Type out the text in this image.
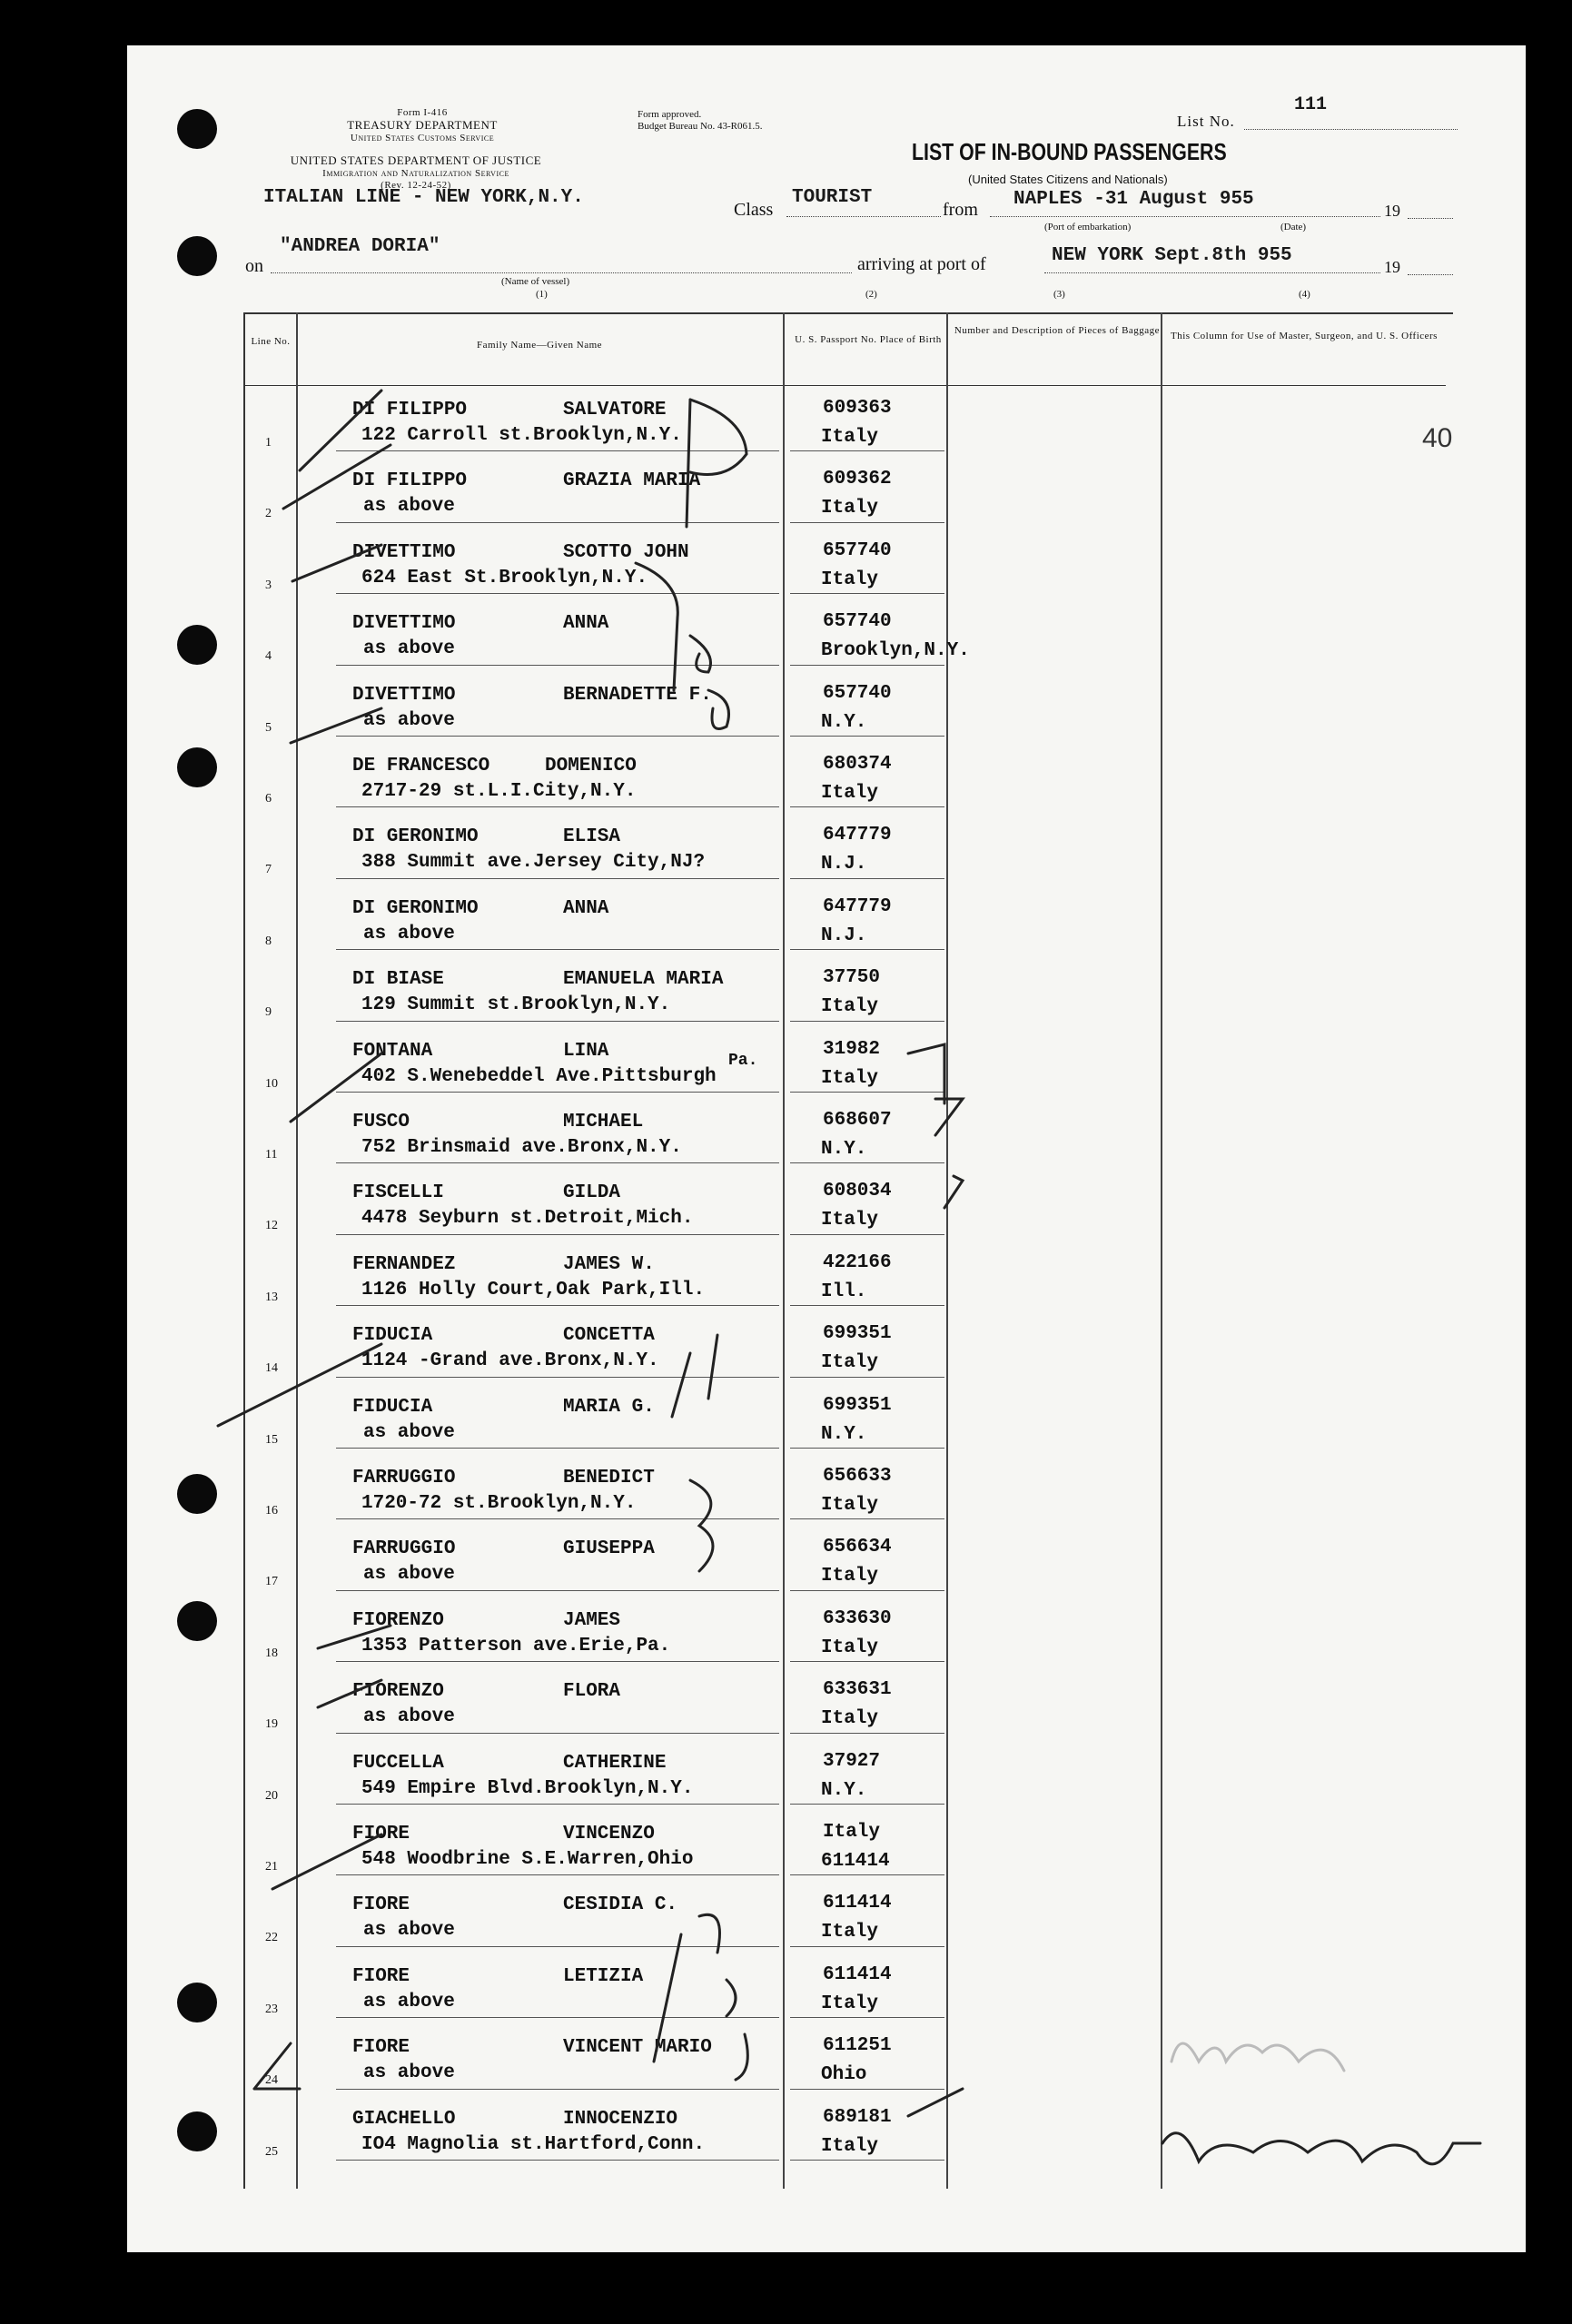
Form I-416
TREASURY DEPARTMENT
United States Customs Service
UNITED STATES DEPARTMENT OF JUSTICE
Immigration and Naturalization Service
(Rev. 12-24-52)
ITALIAN LINE - NEW YORK,N.Y.
Form approved.
Budget Bureau No. 43-R061.5.	List No.
111
LIST OF IN-BOUND PASSENGERS
(United States Citizens and Nationals)
Class
TOURIST
from NAPLES -31 August 955
19
(Port of embarkation)	(Date)
on
"ANDREA DORIA"
(Name of vessel)
(1)
arriving at port of	NEW YORK Sept.8th 955
19
(2)	(3)	(4)
Line No.	Family Name—Given Name	U. S. Passport No. Place of Birth
Number and Description of Pieces of Baggage This Column for Use of Master, Surgeon, and U. S. Officers
1
DI FILIPPO	SALVATORE
122 Carroll st.Brooklyn,N.Y.
609363
Italy
2
DI FILIPPO	GRAZIA MARIA
as above
609362
Italy
3
DIVETTIMO	SCOTTO JOHN
624 East St.Brooklyn,N.Y.
657740
Italy
4
DIVETTIMO	ANNA
as above
657740
Brooklyn,N.Y.
5
DIVETTIMO	BERNADETTE F.
as above
657740
N.Y.
6
DE FRANCESCO	DOMENICO
2717-29 st.L.I.City,N.Y.
680374
Italy
7
DI GERONIMO	ELISA
388 Summit ave.Jersey City,NJ?
647779
N.J.
8
DI GERONIMO	ANNA
as above
647779
N.J.
9
DI BIASE	EMANUELA MARIA
129 Summit st.Brooklyn,N.Y.
37750
Italy
10
FONTANA	LINA
402 S.Wenebeddel Ave.Pittsburgh
Pa.
31982
Italy
11
FUSCO	MICHAEL
752 Brinsmaid ave.Bronx,N.Y.
668607
N.Y.
12
FISCELLI	GILDA
4478 Seyburn st.Detroit,Mich.
608034
Italy
13
FERNANDEZ	JAMES W.
1126 Holly Court,Oak Park,Ill.
422166
Ill.
14
FIDUCIA	CONCETTA
1124 -Grand ave.Bronx,N.Y.
699351
Italy
15
FIDUCIA	MARIA G.
as above
699351
N.Y.
16
FARRUGGIO	BENEDICT
1720-72 st.Brooklyn,N.Y.
656633
Italy
17
FARRUGGIO	GIUSEPPA
as above
656634
Italy
18
FIORENZO	JAMES
1353 Patterson ave.Erie,Pa.
633630
Italy
19
FIORENZO	FLORA
as above
633631
Italy
20
FUCCELLA	CATHERINE
549 Empire Blvd.Brooklyn,N.Y.
37927
N.Y.
21
FIORE	VINCENZO
548 Woodbrine S.E.Warren,Ohio
Italy
611414
22
FIORE	CESIDIA C.
as above
611414
Italy
23
FIORE	LETIZIA
as above
611414
Italy
24
FIORE	VINCENT MARIO
as above
611251
Ohio
25
GIACHELLO	INNOCENZIO
IO4 Magnolia st.Hartford,Conn.
689181
Italy
40
